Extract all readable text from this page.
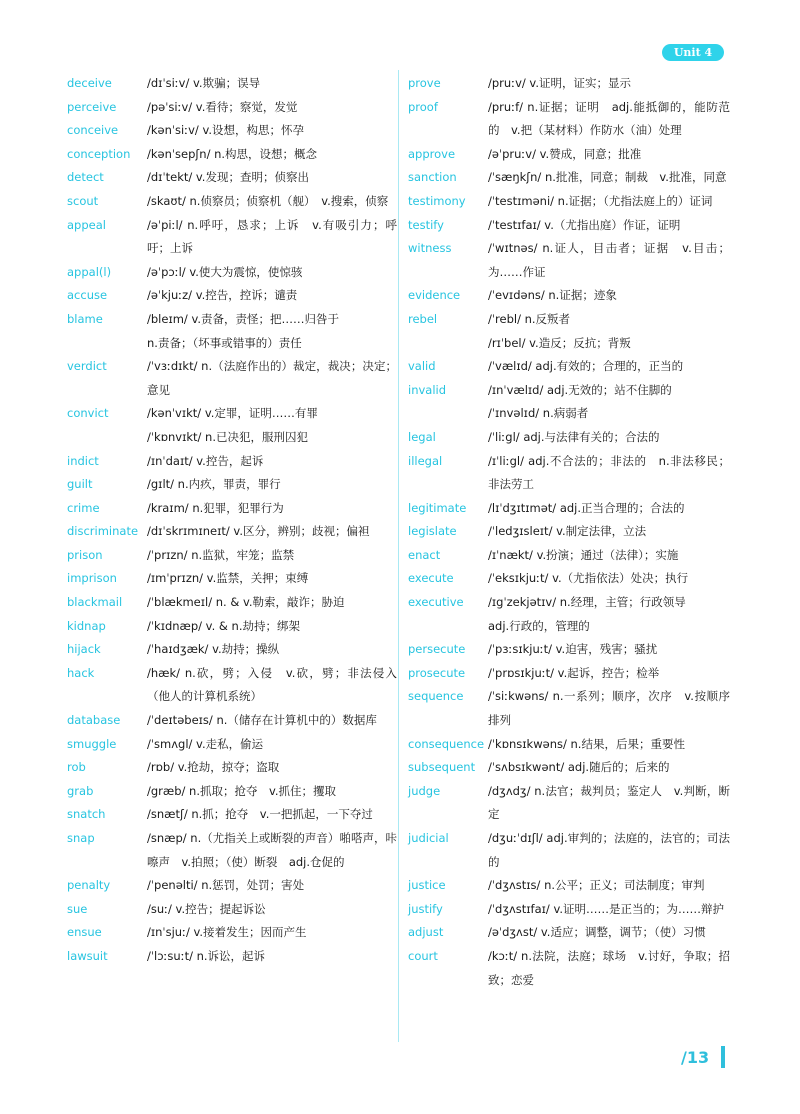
Unit 4
deceive	/dɪˈsiːv/ v.欺骗；误导
perceive	/pəˈsiːv/ v.看待；察觉，发觉
conceive	/kənˈsiːv/ v.设想，构思；怀孕
conception	/kənˈsepʃn/ n.构思，设想；概念
detect	/dɪˈtekt/ v.发现；查明；侦察出
scout	/skaʊt/ n.侦察员；侦察机（舰）　v.搜索，侦察
appeal	/əˈpiːl/ n.呼吁，恳求；上诉　v.有吸引力；呼吁；上诉
appal(l)	/əˈpɔːl/ v.使大为震惊，使惊骇
accuse	/əˈkjuːz/ v.控告，控诉；谴责
blame	/bleɪm/ v.责备，责怪；把……归咎于
n.责备；（坏事或错事的）责任
verdict	/ˈvɜːdɪkt/ n.（法庭作出的）裁定，裁决；决定；意见
convict	/kənˈvɪkt/ v.定罪，证明……有罪
/ˈkɒnvɪkt/ n.已决犯，服刑囚犯
indict	/ɪnˈdaɪt/ v.控告，起诉
guilt	/gɪlt/ n.内疚，罪责，罪行
crime	/kraɪm/ n.犯罪，犯罪行为
discriminate /dɪˈskrɪmɪneɪt/ v.区分，辨别；歧视；偏袒
prison	/ˈprɪzn/ n.监狱，牢笼；监禁
imprison	/ɪmˈprɪzn/ v.监禁，关押；束缚
blackmail	/ˈblækmeɪl/ n. & v.勒索，敲诈；胁迫
kidnap	/ˈkɪdnæp/ v. & n.劫持；绑架
hijack	/ˈhaɪdʒæk/ v.劫持；操纵
hack	/hæk/ n.砍，劈；入侵　v.砍，劈；非法侵入（他人的计算机系统）
database	/ˈdeɪtəbeɪs/ n.（储存在计算机中的）数据库
smuggle	/ˈsmʌgl/ v.走私，偷运
rob	/rɒb/ v.抢劫，掠夺；盗取
grab	/græb/ n.抓取；抢夺　v.抓住；攫取
snatch	/snætʃ/ n.抓；抢夺　v.一把抓起，一下夺过
snap	/snæp/ n.（尤指关上或断裂的声音）啪嗒声，咔嚓声　v.拍照；（使）断裂　adj.仓促的
penalty	/ˈpenəlti/ n.惩罚，处罚；害处
sue	/suː/ v.控告；提起诉讼
ensue	/ɪnˈsjuː/ v.接着发生；因而产生
lawsuit	/ˈlɔːsuːt/ n.诉讼，起诉
prove	/pruːv/ v.证明，证实；显示
proof	/pruːf/ n.证据；证明　adj.能抵御的，能防范的　v.把（某材料）作防水（油）处理
approve	/əˈpruːv/ v.赞成，同意；批准
sanction	/ˈsæŋkʃn/ n.批准，同意；制裁　v.批准，同意
testimony	/ˈtestɪməni/ n.证据；（尤指法庭上的）证词
testify	/ˈtestɪfaɪ/ v.（尤指出庭）作证，证明
witness	/ˈwɪtnəs/ n.证人，目击者；证据　v.目击；为……作证
evidence	/ˈevɪdəns/ n.证据；迹象
rebel	/ˈrebl/ n.反叛者
/rɪˈbel/ v.造反；反抗；背叛
valid	/ˈvælɪd/ adj.有效的；合理的，正当的
invalid	/ɪnˈvælɪd/ adj.无效的；站不住脚的
/ˈɪnvəlɪd/ n.病弱者
legal	/ˈliːgl/ adj.与法律有关的；合法的
illegal	/ɪˈliːgl/ adj.不合法的；非法的　n.非法移民；非法劳工
legitimate	/lɪˈdʒɪtɪmət/ adj.正当合理的；合法的
legislate	/ˈledʒɪsleɪt/ v.制定法律，立法
enact	/ɪˈnækt/ v.扮演；通过（法律）；实施
execute	/ˈeksɪkjuːt/ v.（尤指依法）处决；执行
executive	/ɪgˈzekjətɪv/ n.经理，主管；行政领导
adj.行政的，管理的
persecute	/ˈpɜːsɪkjuːt/ v.迫害，残害；骚扰
prosecute	/ˈprɒsɪkjuːt/ v.起诉，控告；检举
sequence	/ˈsiːkwəns/ n.一系列；顺序，次序　v.按顺序排列
consequence /ˈkɒnsɪkwəns/ n.结果，后果；重要性
subsequent	/ˈsʌbsɪkwənt/ adj.随后的；后来的
judge	/dʒʌdʒ/ n.法官；裁判员；鉴定人　v.判断，断定
judicial	/dʒuːˈdɪʃl/ adj.审判的；法庭的，法官的；司法的
justice	/ˈdʒʌstɪs/ n.公平；正义；司法制度；审判
justify	/ˈdʒʌstɪfaɪ/ v.证明……是正当的；为……辩护
adjust	/əˈdʒʌst/ v.适应；调整，调节；（使）习惯
court	/kɔːt/ n.法院，法庭；球场　v.讨好，争取；招致；恋爱
/13
